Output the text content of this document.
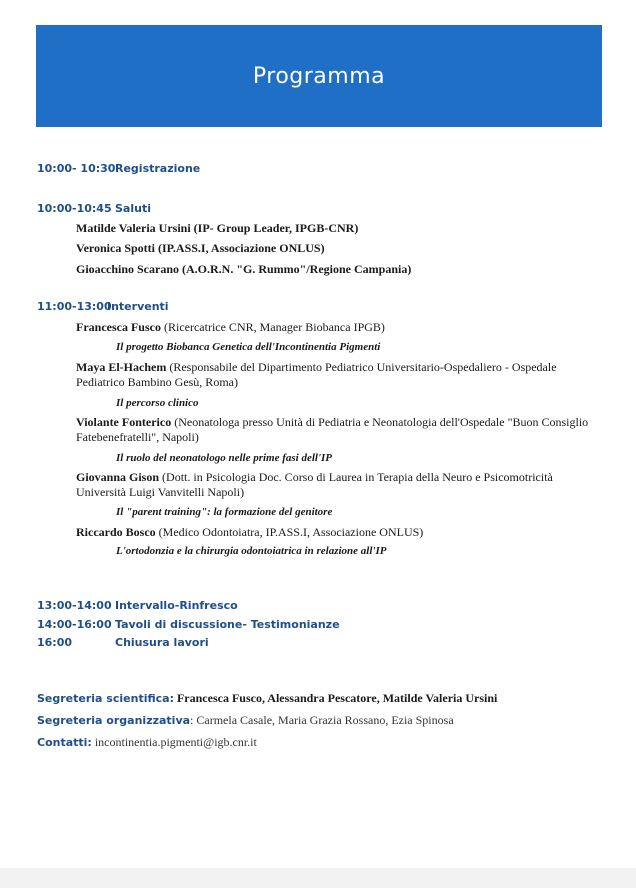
Programma
10:00- 10:30Registrazione
10:00-10:45 Saluti
Matilde Valeria Ursini (IP- Group Leader, IPGB-CNR)
Veronica Spotti (IP.ASS.I, Associazione ONLUS)
Gioacchino Scarano (A.O.R.N. "G. Rummo"/Regione Campania)
11:00-13:00Interventi
Francesca Fusco (Ricercatrice CNR, Manager Biobanca IPGB)
Il progetto Biobanca Genetica dell'Incontinentia Pigmenti
Maya El-Hachem (Responsabile del Dipartimento Pediatrico Universitario-Ospedaliero - Ospedale Pediatrico Bambino Gesù, Roma)
Il percorso clinico
Violante Fonterico (Neonatologa presso Unità di Pediatria e Neonatologia dell'Ospedale "Buon Consiglio Fatebenefratelli", Napoli)
Il ruolo del neonatologo nelle prime fasi dell'IP
Giovanna Gison (Dott. in Psicologia Doc. Corso di Laurea in Terapia della Neuro e Psicomotricità Università Luigi Vanvitelli Napoli)
Il "parent training": la formazione del genitore
Riccardo Bosco (Medico Odontoiatra, IP.ASS.I, Associazione ONLUS)
L'ortodonzia e la chirurgia odontoiatrica in relazione all'IP
13:00-14:00 Intervallo-Rinfresco
14:00-16:00 Tavoli di discussione- Testimonianze
16:00	Chiusura lavori
Segreteria scientifica: Francesca Fusco, Alessandra Pescatore, Matilde Valeria Ursini
Segreteria organizzativa: Carmela Casale, Maria Grazia Rossano, Ezia Spinosa
Contatti: incontinentia.pigmenti@igb.cnr.it
